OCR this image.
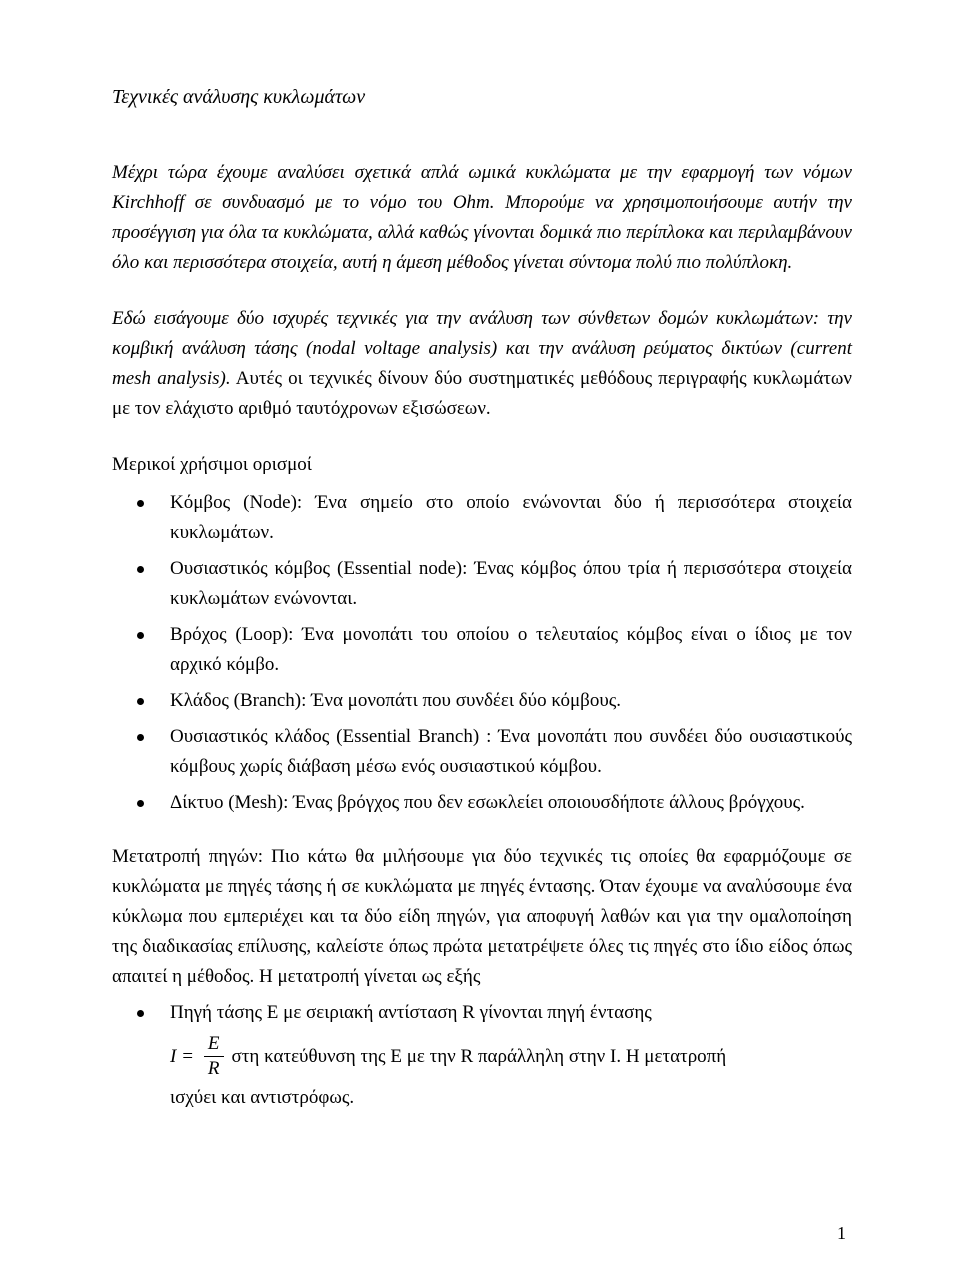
Τεχνικές ανάλυσης κυκλωμάτων

Μέχρι τώρα έχουμε αναλύσει σχετικά απλά ωμικά κυκλώματα με την εφαρμογή των νόμων Kirchhoff σε συνδυασμό με το νόμο του Ohm. Μπορούμε να χρησιμοποιήσουμε αυτήν την προσέγγιση για όλα τα κυκλώματα, αλλά καθώς γίνονται δομικά πιο περίπλοκα και περιλαμβάνουν όλο και περισσότερα στοιχεία, αυτή η άμεση μέθοδος γίνεται σύντομα πολύ πιο πολύπλοκη.

Εδώ εισάγουμε δύο ισχυρές τεχνικές για την ανάλυση των σύνθετων δομών κυκλωμάτων: την κομβική ανάλυση τάσης (nodal voltage analysis) και την ανάλυση ρεύματος δικτύων (current mesh analysis). Αυτές οι τεχνικές δίνουν δύο συστηματικές μεθόδους περιγραφής κυκλωμάτων με τον ελάχιστο αριθμό ταυτόχρονων εξισώσεων.

Μερικοί χρήσιμοι ορισμοί
Κόμβος (Node): Ένα σημείο στο οποίο ενώνονται δύο ή περισσότερα στοιχεία κυκλωμάτων.
Ουσιαστικός κόμβος (Essential node): Ένας κόμβος όπου τρία ή περισσότερα στοιχεία κυκλωμάτων ενώνονται.
Βρόχος (Loop): Ένα μονοπάτι του οποίου ο τελευταίος κόμβος είναι ο ίδιος με τον αρχικό κόμβο.
Κλάδος (Branch): Ένα μονοπάτι που συνδέει δύο κόμβους.
Ουσιαστικός κλάδος (Essential Branch) : Ένα μονοπάτι που συνδέει δύο ουσιαστικούς κόμβους χωρίς διάβαση μέσω ενός ουσιαστικού κόμβου.
Δίκτυο (Mesh): Ένας βρόγχος που δεν εσωκλείει οποιουσδήποτε άλλους βρόγχους.

Μετατροπή πηγών: Πιο κάτω θα μιλήσουμε για δύο τεχνικές τις οποίες θα εφαρμόζουμε σε κυκλώματα με πηγές τάσης ή σε κυκλώματα με πηγές έντασης. Όταν έχουμε να αναλύσουμε ένα κύκλωμα που εμπεριέχει και τα δύο είδη πηγών, για αποφυγή λαθών και για την ομαλοποίηση της διαδικασίας επίλυσης, καλείστε όπως πρώτα μετατρέψετε όλες τις πηγές στο ίδιο είδος όπως απαιτεί η μέθοδος. Η μετατροπή γίνεται ως εξής

Πηγή τάσης E με σειριακή αντίσταση R γίνονται πηγή έντασης
$I = \frac{E}{R}$ στη κατεύθυνση της E με την R παράλληλη στην I. Η μετατροπή
ισχύει και αντιστρόφως.
1
